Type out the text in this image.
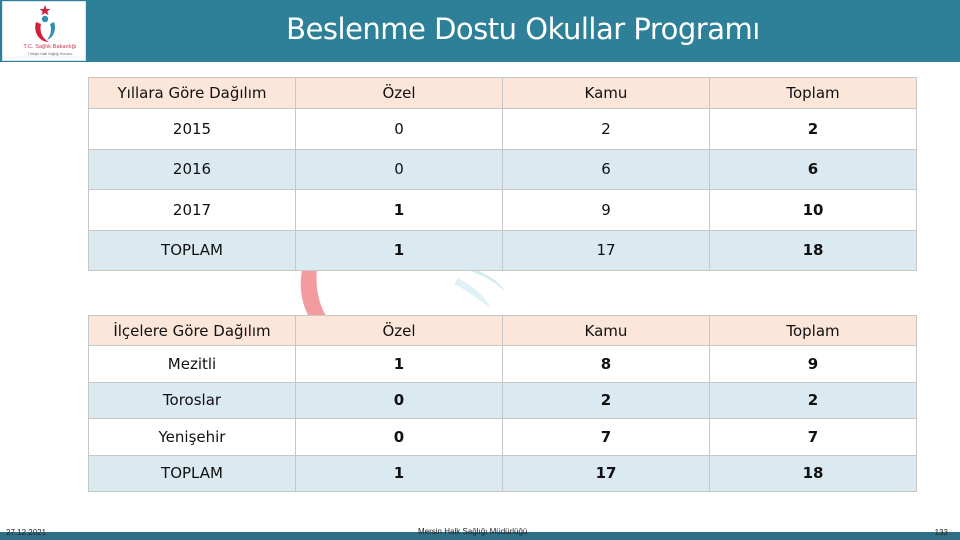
T.C. Sağlık Bakanlığı
Türkiye Halk Sağlığı Kurumu
Beslenme Dostu Okullar Programı
Yıllara Göre Dağılım	Özel	Kamu	Toplam
2015	0	2	2
2016	0	6	6
2017	1	9	10
TOPLAM	1	17	18
İlçelere Göre Dağılım	Özel	Kamu	Toplam
Mezitli	1	8	9
Toroslar	0	2	2
Yenişehir	0	7	7
TOPLAM	1	17	18
27.12.2021	Mersin Halk Sağlığı Müdürlüğü	133
